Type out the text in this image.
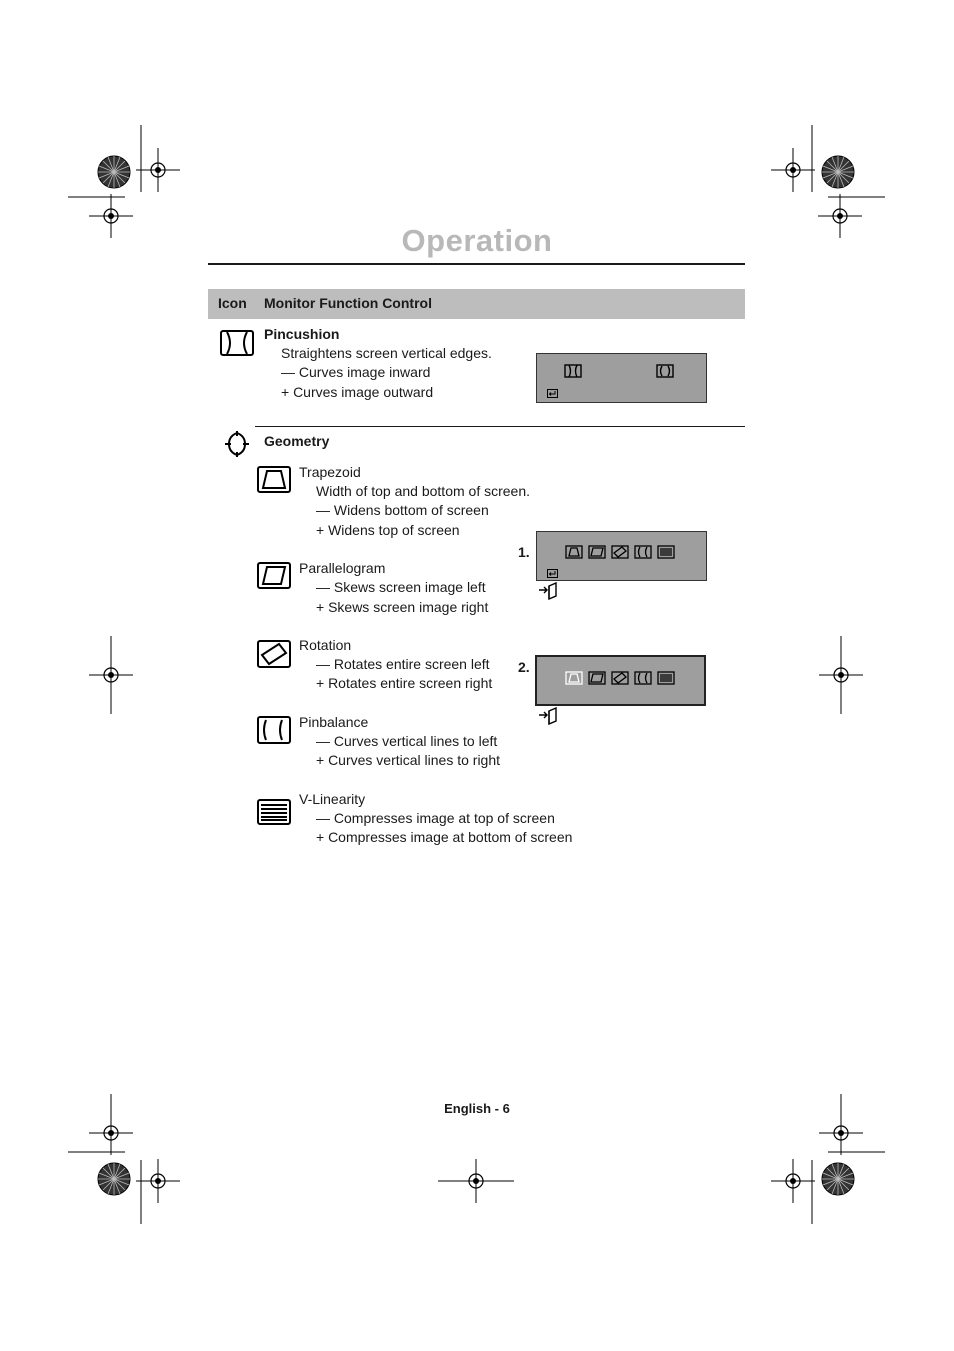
Operation
Icon Monitor Function Control
Pincushion
Straightens screen vertical edges.
— Curves image inward
+ Curves image outward
Geometry
Trapezoid
Width of top and bottom of screen.
— Widens bottom of screen
+ Widens top of screen
Parallelogram
— Skews screen image left
+ Skews screen image right
Rotation
— Rotates entire screen left
+ Rotates entire screen right
Pinbalance
— Curves vertical lines to left
+ Curves vertical lines to right
V-Linearity
— Compresses image at top of screen
+ Compresses image at bottom of screen
1.
2.
English - 6
